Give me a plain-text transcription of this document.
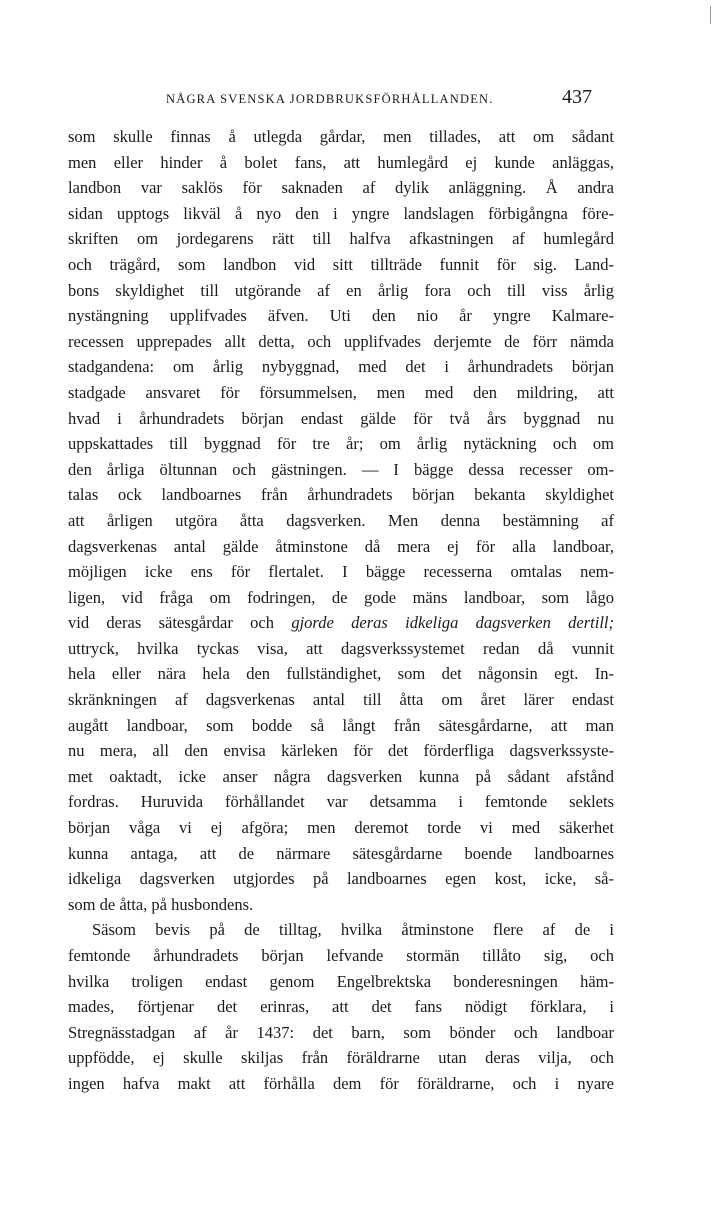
NÅGRA SVENSKA JORDBRUKSFÖRHÅLLANDEN.	437
som skulle finnas å utlegda gårdar, men tillades, att om sådant
men eller hinder å bolet fans, att humlegård ej kunde anläggas,
landbon var saklös för saknaden af dylik anläggning. Å andra
sidan upptogs likväl å nyo den i yngre landslagen förbigångna före-
skriften om jordegarens rätt till halfva afkastningen af humlegård
och trägård, som landbon vid sitt tillträde funnit för sig. Land-
bons skyldighet till utgörande af en årlig fora och till viss årlig
nystängning upplifvades äfven. Uti den nio år yngre Kalmare-
recessen upprepades allt detta, och upplifvades derjemte de förr nämda
stadgandena: om årlig nybyggnad, med det i århundradets början
stadgade ansvaret för försummelsen, men med den mildring, att
hvad i århundradets början endast gälde för två års byggnad nu
uppskattades till byggnad för tre år; om årlig nytäckning och om
den årliga öltunnan och gästningen. — I bägge dessa recesser om-
talas ock landboarnes från århundradets början bekanta skyldighet
att årligen utgöra åtta dagsverken. Men denna bestämning af
dagsverkenas antal gälde åtminstone då mera ej för alla landboar,
möjligen icke ens för flertalet. I bägge recesserna omtalas nem-
ligen, vid fråga om fodringen, de gode mäns landboar, som lågo
vid deras sätesgårdar och gjorde deras idkeliga dagsverken dertill;
uttryck, hvilka tyckas visa, att dagsverkssystemet redan då vunnit
hela eller nära hela den fullständighet, som det någonsin egt. In-
skränkningen af dagsverkenas antal till åtta om året lärer endast
augått landboar, som bodde så långt från sätesgårdarne, att man
nu mera, all den envisa kärleken för det förderfliga dagsverkssyste-
met oaktadt, icke anser några dagsverken kunna på sådant afstånd
fordras. Huruvida förhållandet var detsamma i femtonde seklets
början våga vi ej afgöra; men deremot torde vi med säkerhet
kunna antaga, att de närmare sätesgårdarne boende landboarnes
idkeliga dagsverken utgjordes på landboarnes egen kost, icke, så-
som de åtta, på husbondens.
Säsom bevis på de tilltag, hvilka åtminstone flere af de i
femtonde århundradets början lefvande stormän tillåto sig, och
hvilka troligen endast genom Engelbrektska bonderesningen häm-
mades, förtjenar det erinras, att det fans nödigt förklara, i
Stregnässtadgan af år 1437: det barn, som bönder och landboar
uppfödde, ej skulle skiljas från föräldrarne utan deras vilja, och
ingen hafva makt att förhålla dem för föräldrarne, och i nyare
